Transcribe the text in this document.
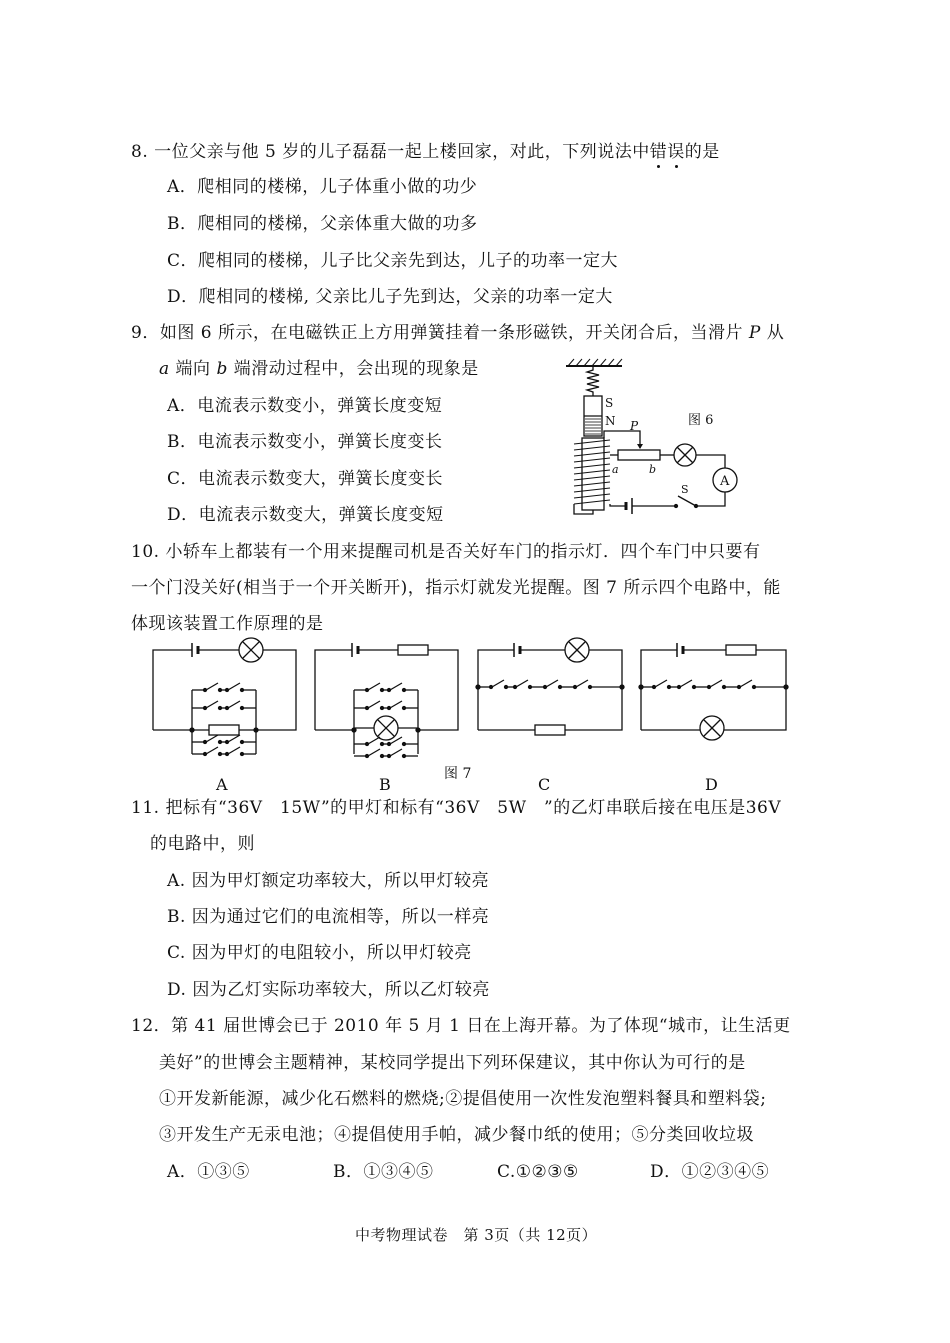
8. 一位父亲与他 5 岁的儿子磊磊一起上楼回家，对此，下列说法中错误的是
A．爬相同的楼梯，儿子体重小做的功少
B．爬相同的楼梯，父亲体重大做的功多
C．爬相同的楼梯，儿子比父亲先到达，儿子的功率一定大
D．爬相同的楼梯, 父亲比儿子先到达，父亲的功率一定大
9．如图 6 所示，在电磁铁正上方用弹簧挂着一条形磁铁，开关闭合后，当滑片 P 从
a 端向 b 端滑动过程中，会出现的现象是
A．电流表示数变小，弹簧长度变短
B．电流表示数变小，弹簧长度变长
C．电流表示数变大，弹簧长度变长
D．电流表示数变大，弹簧长度变短
S
N P
a	b
A
S
图 6
10. 小轿车上都装有一个用来提醒司机是否关好车门的指示灯．四个车门中只要有
一个门没关好(相当于一个开关断开)，指示灯就发光提醒。图 7 所示四个电路中，能
体现该装置工作原理的是
A	B
图 7
C	D
11. 把标有“36V　15W”的甲灯和标有“36V　5W　”的乙灯串联后接在电压是36V
的电路中，则
A. 因为甲灯额定功率较大，所以甲灯较亮
B. 因为通过它们的电流相等，所以一样亮
C. 因为甲灯的电阻较小，所以甲灯较亮
D. 因为乙灯实际功率较大，所以乙灯较亮
12．第 41 届世博会已于 2010 年 5 月 1 日在上海开幕。为了体现“城市，让生活更
美好”的世博会主题精神，某校同学提出下列环保建议，其中你认为可行的是
①开发新能源，减少化石燃料的燃烧;②提倡使用一次性发泡塑料餐具和塑料袋;
③开发生产无汞电池；④提倡使用手帕，减少餐巾纸的使用；⑤分类回收垃圾
A．①③⑤	B．①③④⑤	C.①②③⑤	D．①②③④⑤
中考物理试卷　第 3页（共 12页）
